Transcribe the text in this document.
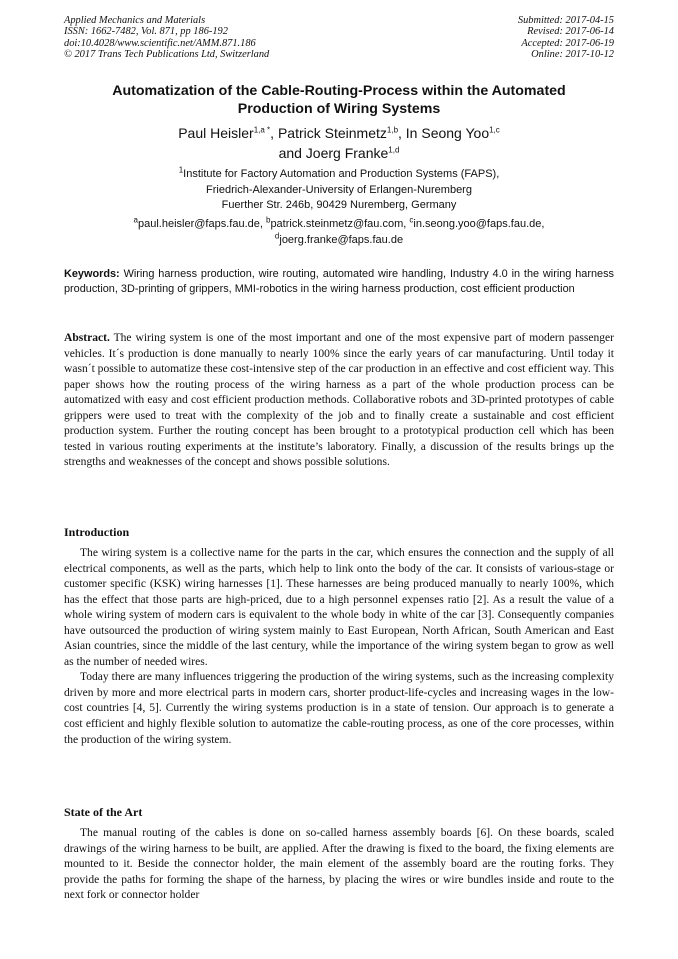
Applied Mechanics and Materials
ISSN: 1662-7482, Vol. 871, pp 186-192
doi:10.4028/www.scientific.net/AMM.871.186
© 2017 Trans Tech Publications Ltd, Switzerland
Submitted: 2017-04-15
Revised: 2017-06-14
Accepted: 2017-06-19
Online: 2017-10-12
Automatization of the Cable-Routing-Process within the Automated
Production of Wiring Systems
Paul Heisler$^{1,a *}$, Patrick Steinmetz$^{1,b}$, In Seong Yoo$^{1,c}$
and Joerg Franke$^{1,d}$
$^1$Institute for Factory Automation and Production Systems (FAPS),
Friedrich-Alexander-University of Erlangen-Nuremberg
Fuerther Str. 246b, 90429 Nuremberg, Germany
$^a$paul.heisler@faps.fau.de, $^b$patrick.steinmetz@fau.com, $^c$in.seong.yoo@faps.fau.de,
$^d$joerg.franke@faps.fau.de
Keywords: Wiring harness production, wire routing, automated wire handling, Industry 4.0 in the wiring harness production, 3D-printing of grippers, MMI-robotics in the wiring harness production, cost efficient production

Abstract. The wiring system is one of the most important and one of the most expensive part of modern passenger vehicles. It´s production is done manually to nearly 100% since the early years of car manufacturing. Until today it wasn´t possible to automatize these cost-intensive step of the car production in an effective and cost efficient way. This paper shows how the routing process of the wiring harness as a part of the whole production process can be automatized with easy and cost efficient production methods. Collaborative robots and 3D-printed prototypes of cable grippers were used to treat with the complexity of the job and to finally create a sustainable and cost efficient production system. Further the routing concept has been brought to a prototypical production cell which has been tested in various routing experiments at the institute’s laboratory. Finally, a discussion of the results brings up the strengths and weaknesses of the concept and shows possible solutions.

Introduction

The wiring system is a collective name for the parts in the car, which ensures the connection and the supply of all electrical components, as well as the parts, which help to link onto the body of the car. It consists of various-stage or customer specific (KSK) wiring harnesses [1]. These harnesses are being produced manually to nearly 100%, which has the effect that those parts are high-priced, due to a high personnel expenses ratio [2]. As a result the value of a whole wiring system of modern cars is equivalent to the whole body in white of the car [3]. Consequently companies have outsourced the production of wiring system mainly to East European, North African, South American and East Asian countries, since the middle of the last century, while the importance of the wiring system began to grow as well as the number of needed wires.

Today there are many influences triggering the production of the wiring systems, such as the increasing complexity driven by more and more electrical parts in modern cars, shorter product-life-cycles and increasing wages in the low-cost countries [4, 5]. Currently the wiring systems production is in a state of tension. Our approach is to generate a cost efficient and highly flexible solution to automatize the cable-routing process, as one of the core processes, within the production of the wiring system.

State of the Art

The manual routing of the cables is done on so-called harness assembly boards [6]. On these boards, scaled drawings of the wiring harness to be built, are applied. After the drawing is fixed to the board, the fixing elements are mounted to it. Beside the connector holder, the main element of the assembly board are the routing forks. They provide the paths for forming the shape of the harness, by placing the wires or wire bundles inside and route to the next fork or connector holder
